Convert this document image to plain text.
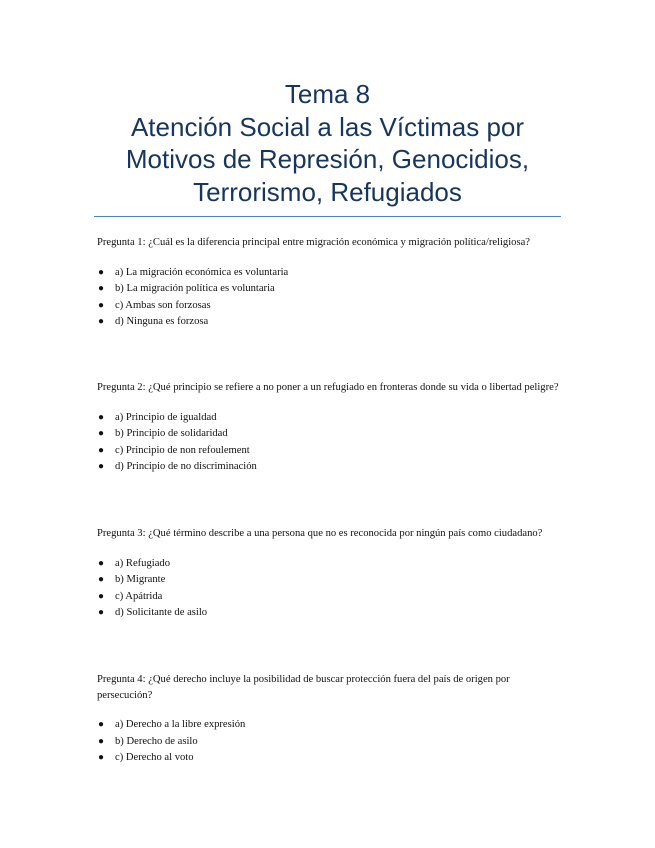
Tema 8
Atención Social a las Víctimas por
Motivos de Represión, Genocidios,
Terrorismo, Refugiados

Pregunta 1: ¿Cuál es la diferencia principal entre migración económica y migración política/religiosa?

● a) La migración económica es voluntaria
● b) La migración política es voluntaria
● c) Ambas son forzosas
● d) Ninguna es forzosa

Pregunta 2: ¿Qué principio se refiere a no poner a un refugiado en fronteras donde su vida o libertad peligre?

● a) Principio de igualdad
● b) Principio de solidaridad
● c) Principio de non refoulement
● d) Principio de no discriminación

Pregunta 3: ¿Qué término describe a una persona que no es reconocida por ningún país como ciudadano?

● a) Refugiado
● b) Migrante
● c) Apátrida
● d) Solicitante de asilo

Pregunta 4: ¿Qué derecho incluye la posibilidad de buscar protección fuera del país de origen por persecución?

● a) Derecho a la libre expresión
● b) Derecho de asilo
● c) Derecho al voto
